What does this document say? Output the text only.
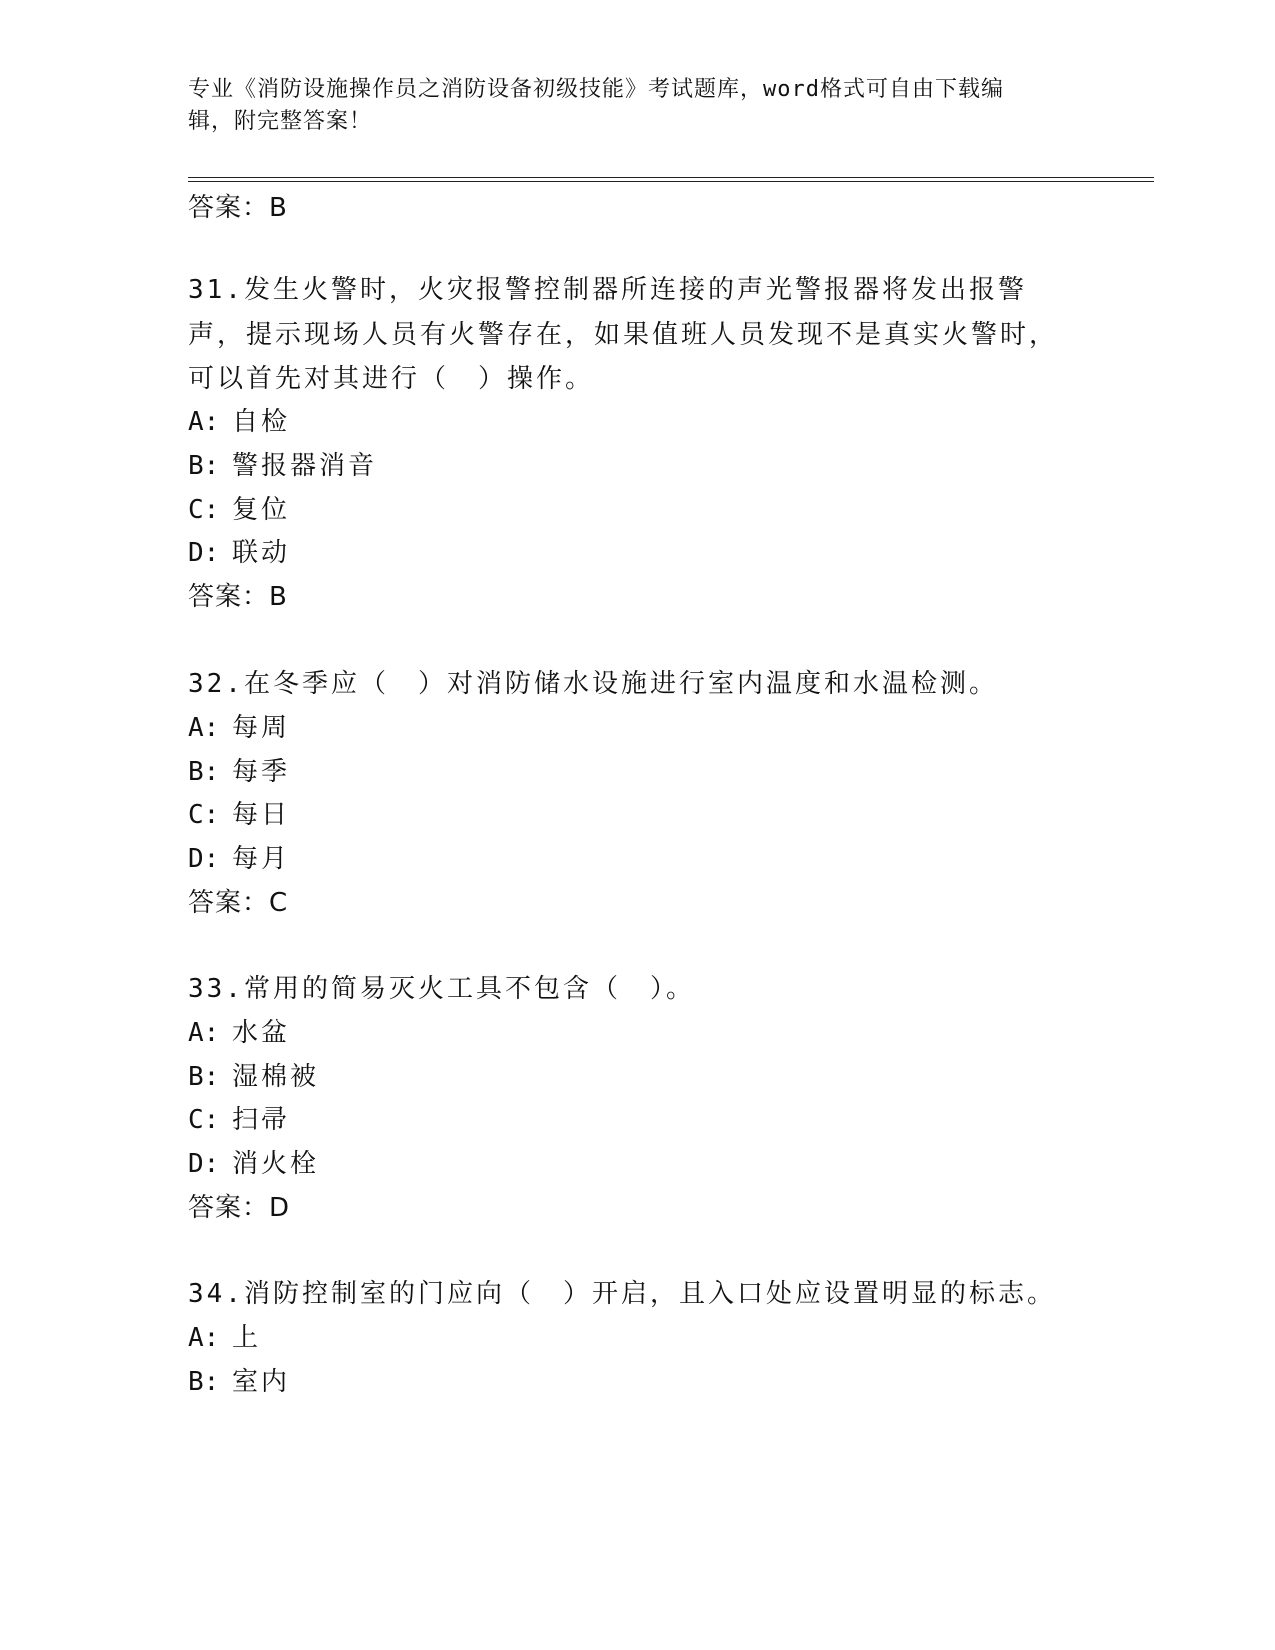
专业《消防设施操作员之消防设备初级技能》考试题库，word格式可自由下载编
辑，附完整答案！
答案：B
31.发生火警时，火灾报警控制器所连接的声光警报器将发出报警声，提示现场人员有火警存在，如果值班人员发现不是真实火警时，可以首先对其进行（　）操作。
A: 自检
B: 警报器消音
C: 复位
D: 联动
答案：B
32.在冬季应（　）对消防储水设施进行室内温度和水温检测。
A: 每周
B: 每季
C: 每日
D: 每月
答案：C
33.常用的简易灭火工具不包含（　）。
A: 水盆
B: 湿棉被
C: 扫帚
D: 消火栓
答案：D
34.消防控制室的门应向（　）开启，且入口处应设置明显的标志。
A: 上
B: 室内
